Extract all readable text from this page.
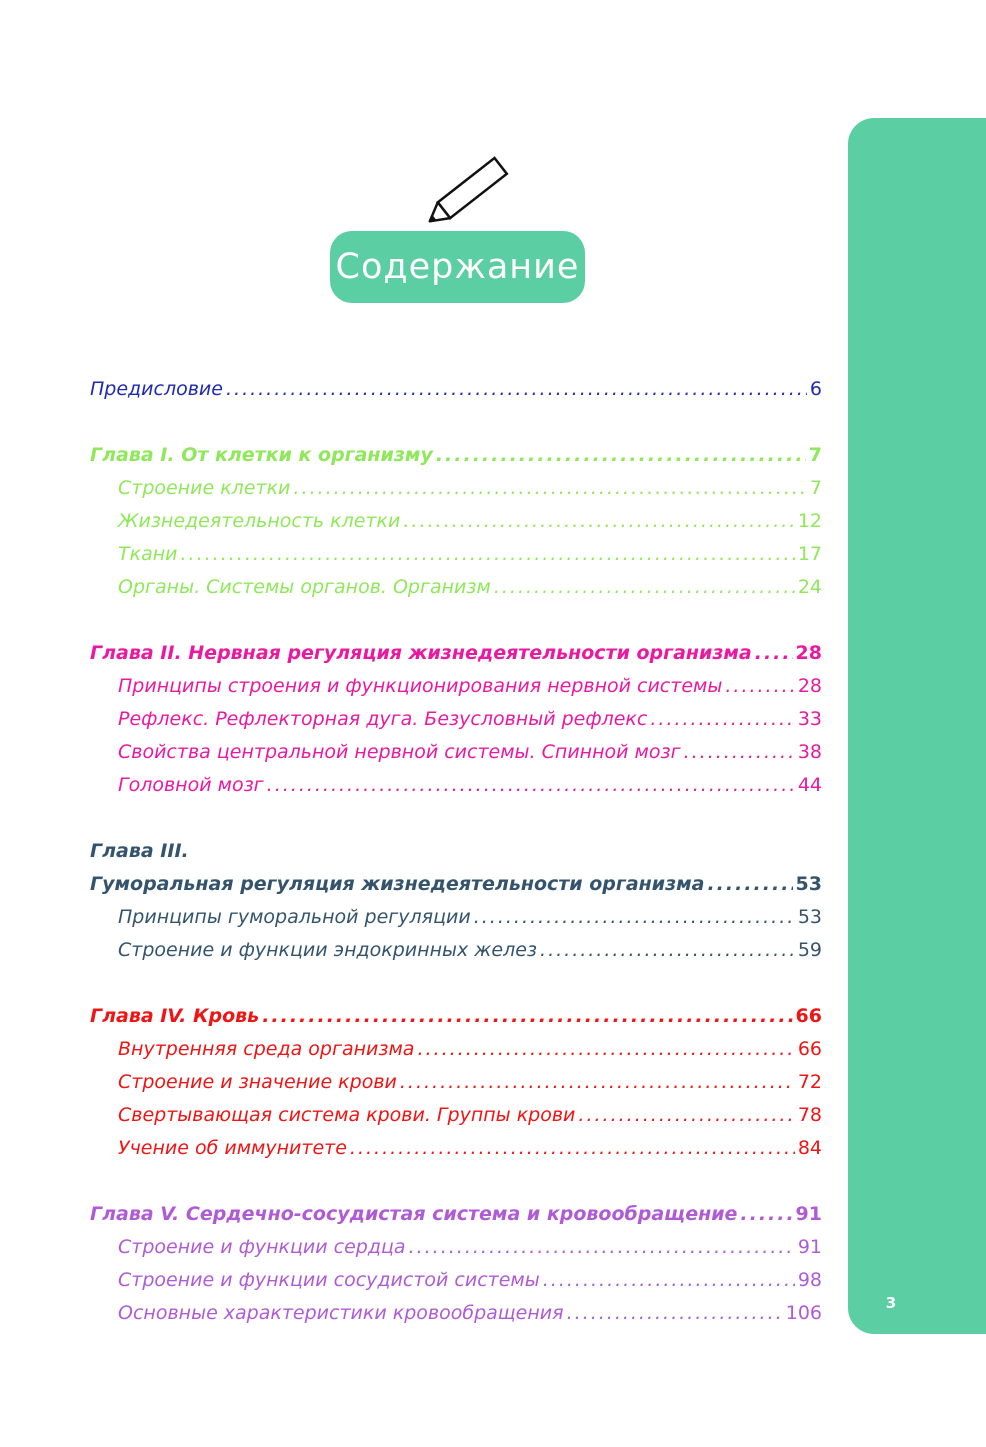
3
Содержание
Предисловие .....	6
Глава I. От клетки к организму .....	7
Строение клетки .....	7
Жизнедеятельность клетки .....	12
Ткани .....	17
Органы. Системы органов. Организм .....	24
Глава II. Нервная регуляция жизнедеятельности организма ..... 28
Принципы строения и функционирования нервной системы .....	28
Рефлекс. Рефлекторная дуга. Безусловный рефлекс .....	33
Свойства центральной нервной системы. Спинной мозг .....	38
Головной мозг .....	44
Глава III.
Гуморальная регуляция жизнедеятельности организма .....	53
Принципы гуморальной регуляции .....	53
Строение и функции эндокринных желез .....	59
Глава IV. Кровь .....	66
Внутренняя среда организма .....	66
Строение и значение крови .....	72
Свертывающая система крови. Группы крови .....	78
Учение об иммунитете .....	84
Глава V. Сердечно-сосудистая система и кровообращение .....	91
Строение и функции сердца .....	91
Строение и функции сосудистой системы .....	98
Основные характеристики кровообращения .....	106
